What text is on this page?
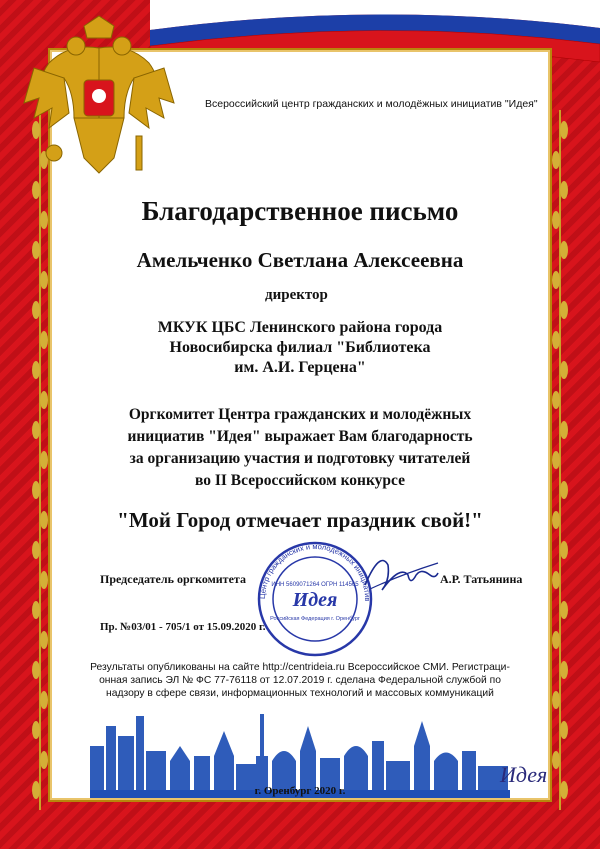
Всероссийский центр гражданских и молодёжных инициатив "Идея"
Благодарственное письмо
Амельченко Светлана Алексеевна
директор
МКУК ЦБС Ленинского района города
Новосибирска филиал "Библиотека
им. А.И. Герцена"
Оргкомитет Центра гражданских и молодёжных
инициатив "Идея" выражает Вам благодарность
за организацию участия и подготовку читателей
во II Всероссийском конкурсе
"Мой Город отмечает праздник свой!"
Председатель оргкомитета
Центр гражданских и молодёжных инициатив
ИНН 5609071264 ОГРН 114565
Идея
Российская Федерация г. Оренбург
А.Р. Татьянина
Пр. №03/01 - 705/1 от 15.09.2020 г.
Результаты опубликованы на сайте http://centrideia.ru Всероссийское СМИ. Регистраци-
онная запись ЭЛ № ФС 77-76118 от 12.07.2019 г. сделана Федеральной службой по
надзору в сфере связи, информационных технологий и массовых коммуникаций
г. Оренбург 2020 г.
Идея
